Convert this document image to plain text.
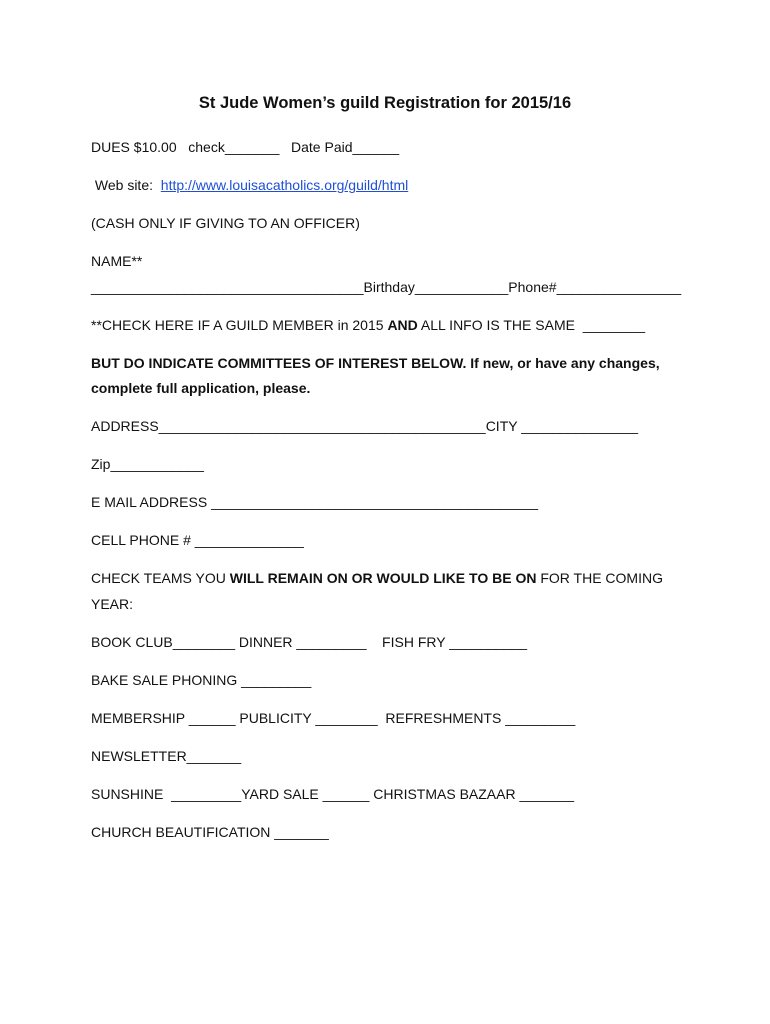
St Jude Women’s guild Registration for 2015/16
DUES $10.00   check_______   Date Paid______
Web site:  http://www.louisacatholics.org/guild/html
(CASH ONLY IF GIVING TO AN OFFICER)
NAME**
___________________________________Birthday____________Phone#________________
**CHECK HERE IF A GUILD MEMBER in 2015 AND ALL INFO IS THE SAME  ________
BUT DO INDICATE COMMITTEES OF INTEREST BELOW. If new, or have any changes,
complete full application, please.
ADDRESS__________________________________________CITY _______________
Zip____________
E MAIL ADDRESS __________________________________________
CELL PHONE # ______________
CHECK TEAMS YOU WILL REMAIN ON OR WOULD LIKE TO BE ON FOR THE COMING
YEAR:
BOOK CLUB________ DINNER _________    FISH FRY __________
BAKE SALE PHONING _________
MEMBERSHIP ______ PUBLICITY ________  REFRESHMENTS _________
NEWSLETTER_______
SUNSHINE  _________YARD SALE ______ CHRISTMAS BAZAAR _______
CHURCH BEAUTIFICATION _______
